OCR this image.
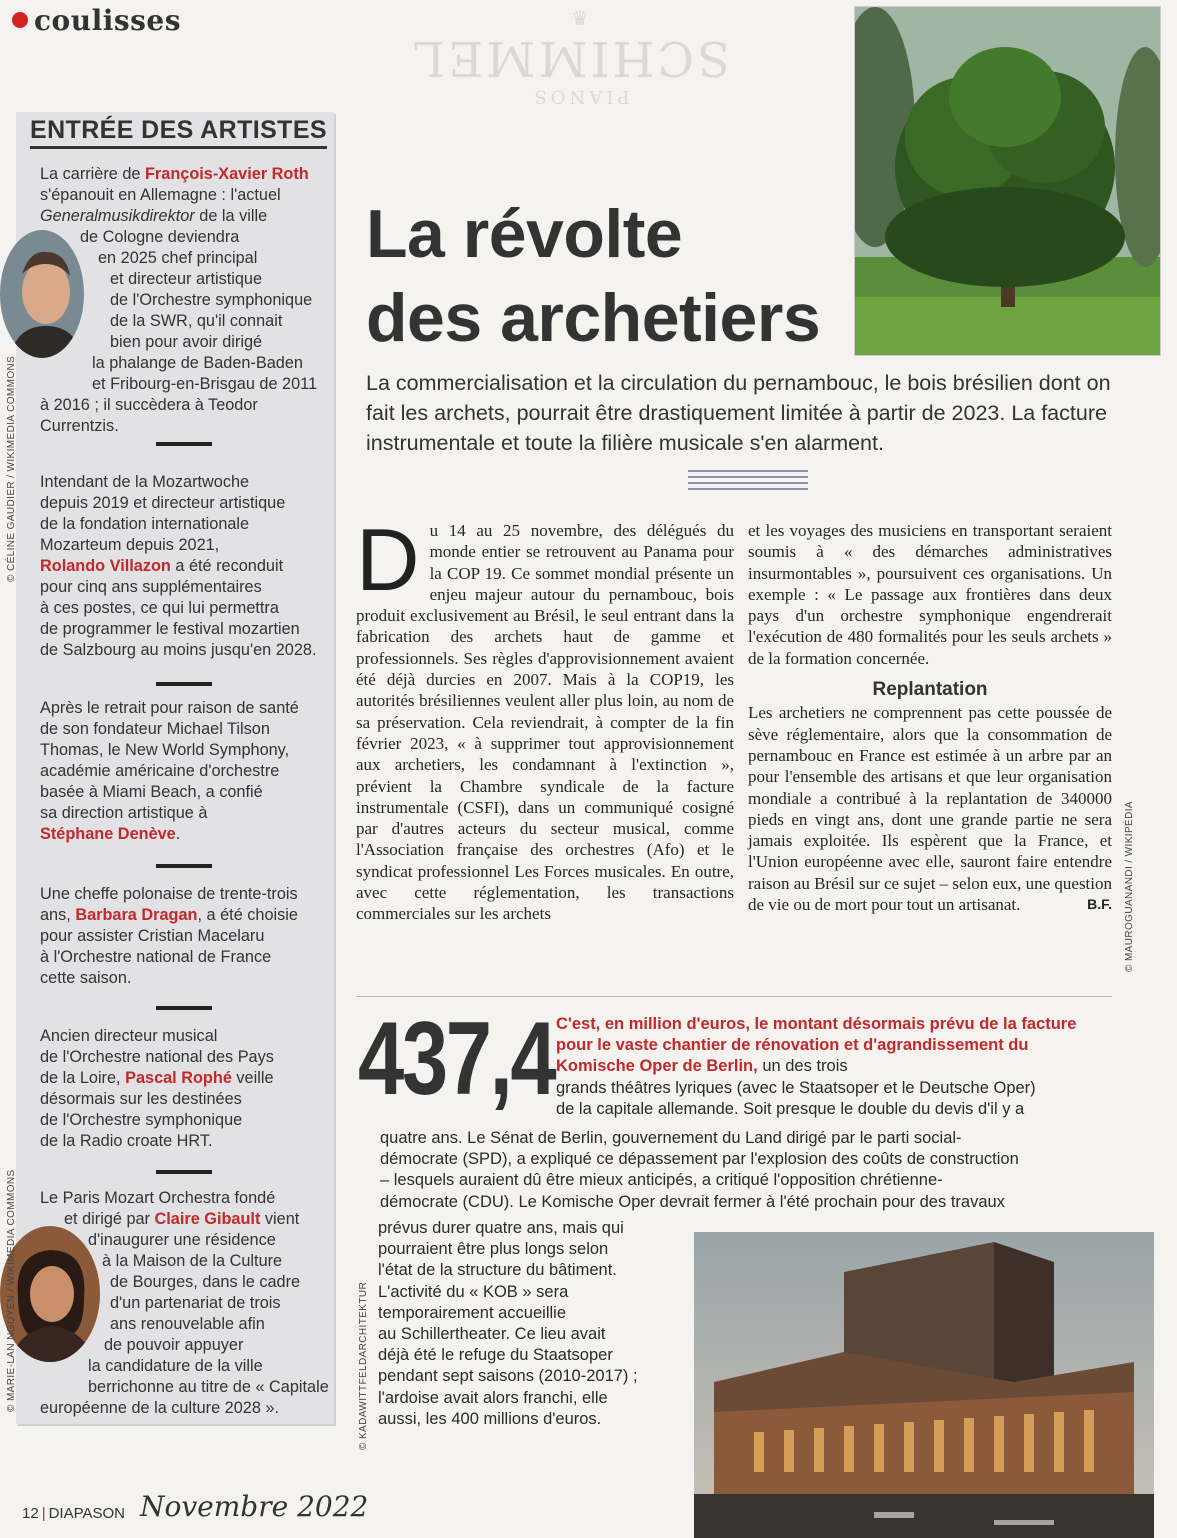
coulisses	♛
SCHIMMEL
PIANOS
ENTRÉE DES ARTISTES
La carrière de François-Xavier Roth
s'épanouit en Allemagne : l'actuel
Generalmusikdirektor de la ville
de Cologne deviendra
en 2025 chef principal
et directeur artistique
de l'Orchestre symphonique
de la SWR, qu'il connait
bien pour avoir dirigé
la phalange de Baden-Baden
et Fribourg-en-Brisgau de 2011
à 2016 ; il succèdera à Teodor
Currentzis.
Intendant de la Mozartwoche
depuis 2019 et directeur artistique
de la fondation internationale
Mozarteum depuis 2021,
Rolando Villazon a été reconduit
pour cinq ans supplémentaires
à ces postes, ce qui lui permettra
de programmer le festival mozartien
de Salzbourg au moins jusqu'en 2028.
Après le retrait pour raison de santé
de son fondateur Michael Tilson
Thomas, le New World Symphony,
académie américaine d'orchestre
basée à Miami Beach, a confié
sa direction artistique à
Stéphane Denève.
Une cheffe polonaise de trente-trois
ans, Barbara Dragan, a été choisie
pour assister Cristian Macelaru
à l'Orchestre national de France
cette saison.
Ancien directeur musical
de l'Orchestre national des Pays
de la Loire, Pascal Rophé veille
désormais sur les destinées
de l'Orchestre symphonique
de la Radio croate HRT.
Le Paris Mozart Orchestra fondé
et dirigé par Claire Gibault vient
d'inaugurer une résidence
à la Maison de la Culture
de Bourges, dans le cadre
d'un partenariat de trois
ans renouvelable afin
de pouvoir appuyer
la candidature de la ville
berrichonne au titre de « Capitale
européenne de la culture 2028 ».
© CÉLINE GAUDIER / WIKIMEDIA COMMONS
© MARIE-LAN NGUYEN / WIKIMEDIA COMMONS
La révolte
des archetiers
© MAUROGUANANDI / WIKIPÉDIA
La commercialisation et la circulation du pernambouc, le bois brésilien dont on fait les archets, pourrait être drastiquement limitée à partir de 2023. La facture instrumentale et toute la filière musicale s'en alarment.
Du 14 au 25 novembre, des délégués du monde entier se retrouvent au Panama pour la COP 19. Ce sommet mondial présente un enjeu majeur autour du pernambouc, bois produit exclusivement au Brésil, le seul entrant dans la fabrication des archets haut de gamme et professionnels. Ses règles d'approvisionnement avaient été déjà durcies en 2007. Mais à la COP19, les autorités brésiliennes veulent aller plus loin, au nom de sa préservation. Cela reviendrait, à compter de la fin février 2023, « à supprimer tout approvisionnement aux archetiers, les condamnant à l'extinction », prévient la Chambre syndicale de la facture instrumentale (CSFI), dans un communiqué cosigné par d'autres acteurs du secteur musical, comme l'Association française des orchestres (Afo) et le syndicat professionnel Les Forces musicales. En outre, avec cette réglementation, les transactions commerciales sur les archets
et les voyages des musiciens en transportant seraient soumis à « des démarches administratives insurmontables », poursuivent ces organisations. Un exemple : « Le passage aux frontières dans deux pays d'un orchestre symphonique engendrerait l'exécution de 480 formalités pour les seuls archets » de la formation concernée.
Replantation
Les archetiers ne comprennent pas cette poussée de sève réglementaire, alors que la consommation de pernambouc en France est estimée à un arbre par an pour l'ensemble des artisans et que leur organisation mondiale a contribué à la replantation de 340000 pieds en vingt ans, dont une grande partie ne sera jamais exploitée. Ils espèrent que la France, et l'Union européenne avec elle, sauront faire entendre raison au Brésil sur ce sujet – selon eux, une question de vie ou de mort pour tout un artisanat.	B.F.
437,4 C'est, en million d'euros, le montant désormais prévu de la facture pour le vaste chantier de rénovation et d'agrandissement du Komische Oper de Berlin, un des trois
grands théâtres lyriques (avec le Staatsoper et le Deutsche Oper)
de la capitale allemande. Soit presque le double du devis d'il y a
quatre ans. Le Sénat de Berlin, gouvernement du Land dirigé par le parti social-
démocrate (SPD), a expliqué ce dépassement par l'explosion des coûts de construction
– lesquels auraient dû être mieux anticipés, a critiqué l'opposition chrétienne-
démocrate (CDU). Le Komische Oper devrait fermer à l'été prochain pour des travaux
prévus durer quatre ans, mais qui
pourraient être plus longs selon
l'état de la structure du bâtiment.
L'activité du « KOB » sera
temporairement accueillie
au Schillertheater. Ce lieu avait
déjà été le refuge du Staatsoper
pendant sept saisons (2010-2017) ;
l'ardoise avait alors franchi, elle
aussi, les 400 millions d'euros.
© KADAWITTFELDARCHITEKTUR
12 | DIAPASON Novembre 2022
